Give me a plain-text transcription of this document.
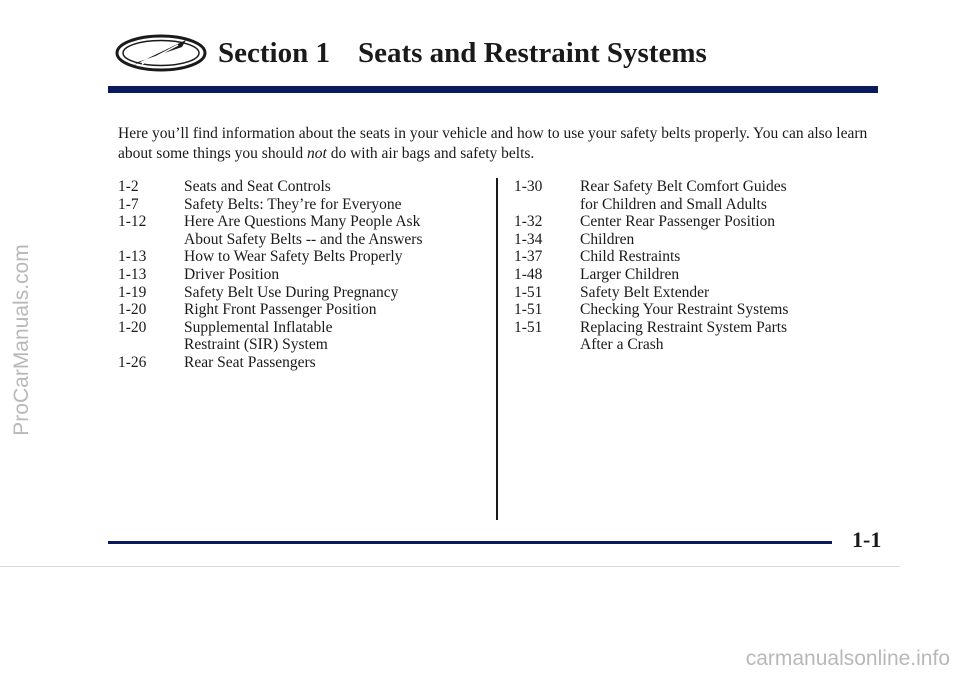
ProCarManuals.com
Section 1 Seats and Restraint Systems

Here you’ll find information about the seats in your vehicle and how to use your safety belts properly. You can also learn about some things you should not do with air bags and safety belts.

1-2	Seats and Seat Controls
1-7	Safety Belts: They’re for Everyone
1-12	Here Are Questions Many People Ask
About Safety Belts -- and the Answers
1-13	How to Wear Safety Belts Properly
1-13	Driver Position
1-19	Safety Belt Use During Pregnancy
1-20	Right Front Passenger Position
1-20	Supplemental Inflatable
Restraint (SIR) System
1-26	Rear Seat Passengers
1-30	Rear Safety Belt Comfort Guides
for Children and Small Adults
1-32	Center Rear Passenger Position
1-34	Children
1-37	Child Restraints
1-48	Larger Children
1-51	Safety Belt Extender
1-51	Checking Your Restraint Systems
1-51	Replacing Restraint System Parts
After a Crash
1-1
carmanualsonline.info
